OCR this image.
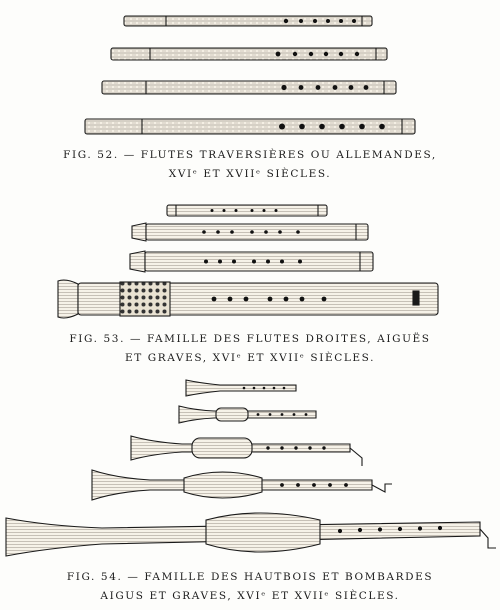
FIG. 52. — FLUTES TRAVERSIÈRES OU ALLEMANDES,
XVIᵉ ET XVIIᵉ SIÈCLES.
FIG. 53. — FAMILLE DES FLUTES DROITES, AIGUËS
ET GRAVES, XVIᵉ ET XVIIᵉ SIÈCLES.
FIG. 54. — FAMILLE DES HAUTBOIS ET BOMBARDES
AIGUS ET GRAVES, XVIᵉ ET XVIIᵉ SIÈCLES.
